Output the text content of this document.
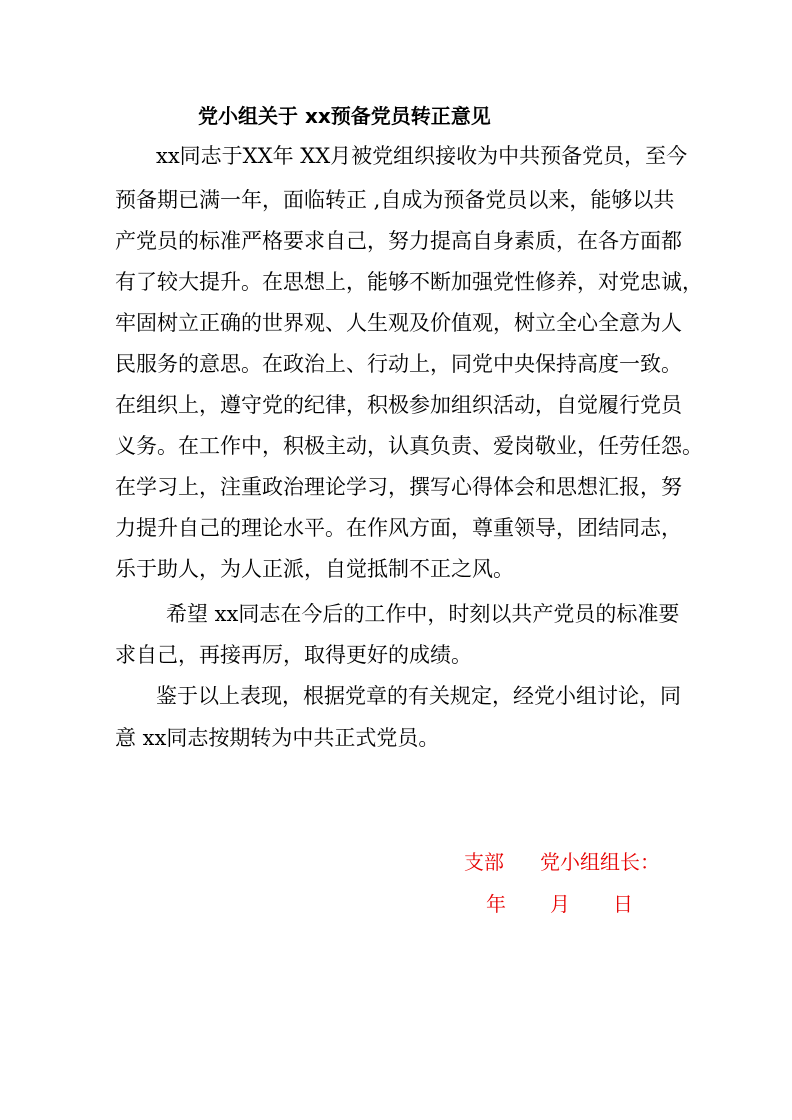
党小组关于 xx预备党员转正意见
xx同志于XX年 XX月被党组织接收为中共预备党员，至今
预备期已满一年，面临转正 ,自成为预备党员以来，能够以共
产党员的标准严格要求自己，努力提高自身素质，在各方面都
有了较大提升。在思想上，能够不断加强党性修养，对党忠诚，
牢固树立正确的世界观、人生观及价值观，树立全心全意为人
民服务的意思。在政治上、行动上，同党中央保持高度一致。
在组织上，遵守党的纪律，积极参加组织活动，自觉履行党员
义务。在工作中，积极主动，认真负责、爱岗敬业，任劳任怨。
在学习上，注重政治理论学习，撰写心得体会和思想汇报，努
力提升自己的理论水平。在作风方面，尊重领导，团结同志，
乐于助人，为人正派，自觉抵制不正之风。
希望 xx同志在今后的工作中，时刻以共产党员的标准要
求自己，再接再厉，取得更好的成绩。
鉴于以上表现，根据党章的有关规定，经党小组讨论，同
意 xx同志按期转为中共正式党员。
支部 党小组组长：
年 月 日
